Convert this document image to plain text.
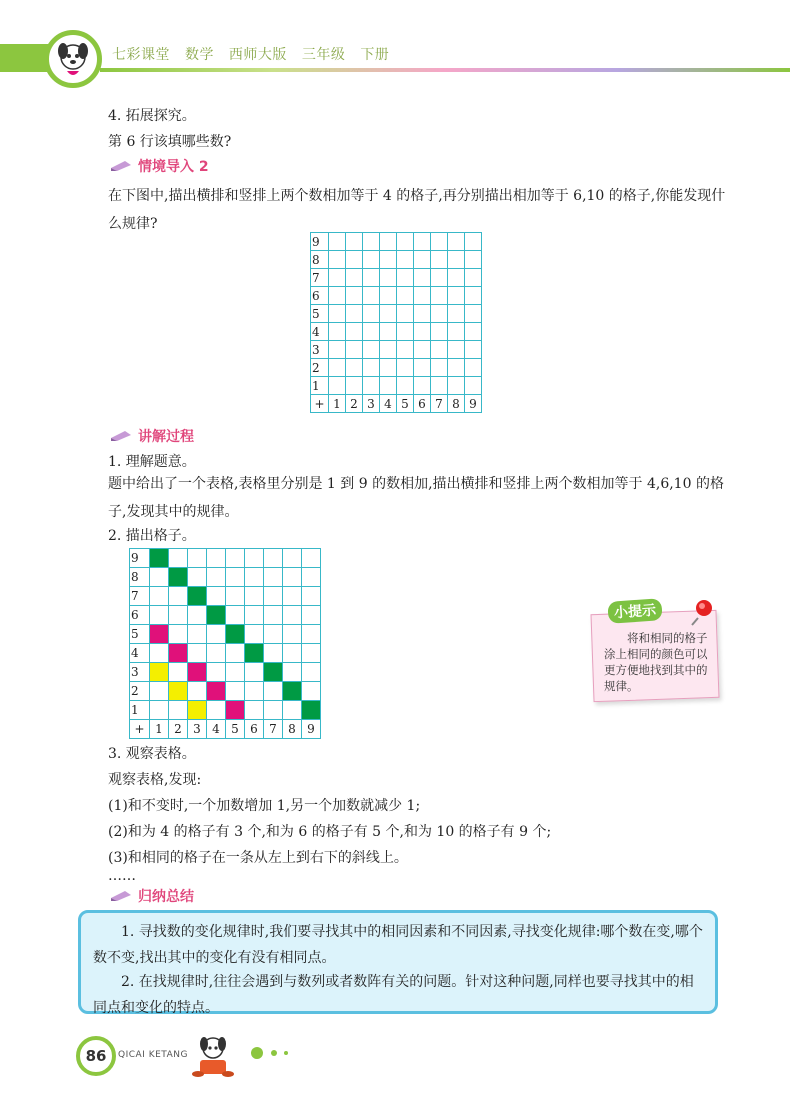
七彩课堂 数学 西师大版 三年级 下册
4. 拓展探究。
第 6 行该填哪些数?
情境导入 2
在下图中,描出横排和竖排上两个数相加等于 4 的格子,再分别描出相加等于 6,10 的格子,你能发现什么规律?
9									
8									
7									
6									
5									
4									
3									
2									
1									
+	1	2	3	4	5	6	7	8	9
讲解过程
1. 理解题意。
题中给出了一个表格,表格里分别是 1 到 9 的数相加,描出横排和竖排上两个数相加等于 4,6,10 的格子,发现其中的规律。
2. 描出格子。
9									
8									
7									
6									
5									
4									
3									
2									
1									
+	1	2	3	4	5	6	7	8	9
小提示
将和相同的格子涂上相同的颜色可以更方便地找到其中的规律。
3. 观察表格。
观察表格,发现:
(1)和不变时,一个加数增加 1,另一个加数就减少 1;
(2)和为 4 的格子有 3 个,和为 6 的格子有 5 个,和为 10 的格子有 9 个;
(3)和相同的格子在一条从左上到右下的斜线上。
……
归纳总结

1. 寻找数的变化规律时,我们要寻找其中的相同因素和不同因素,寻找变化规律:哪个数在变,哪个数不变,找出其中的变化有没有相同点。

2. 在找规律时,往往会遇到与数列或者数阵有关的问题。针对这种问题,同样也要寻找其中的相同点和变化的特点。

86	QICAI KETANG
